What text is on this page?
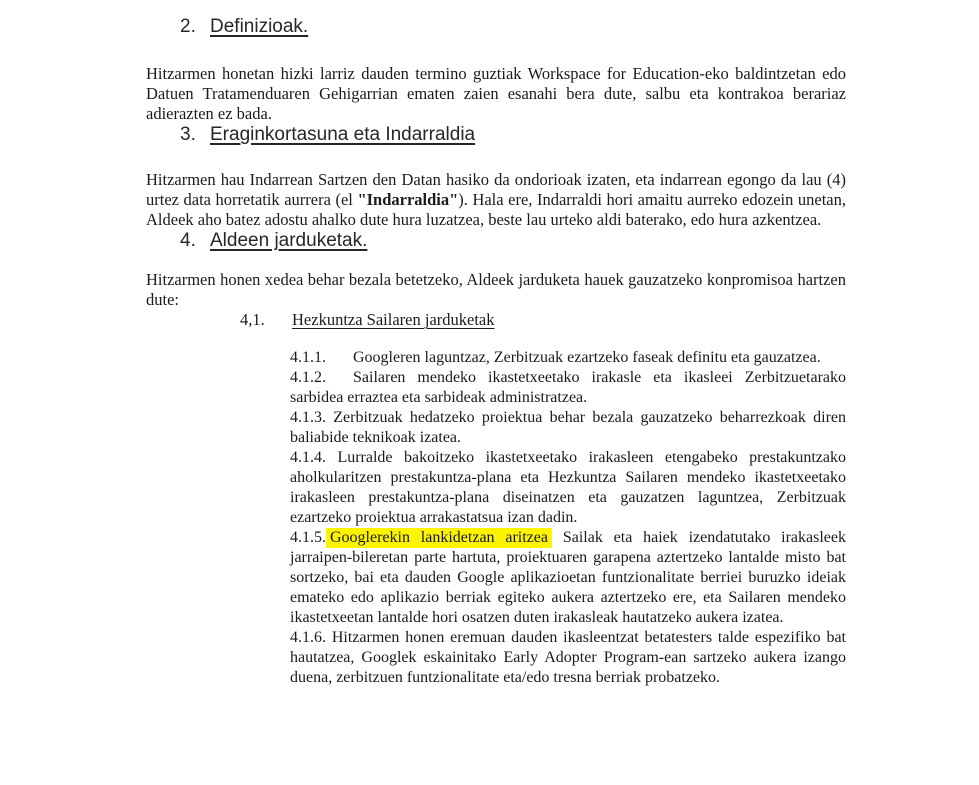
2. Definizioak.

Hitzarmen honetan hizki larriz dauden termino guztiak Workspace for Education-eko baldintzetan edo Datuen Tratamenduaren Gehigarrian ematen zaien esanahi bera dute, salbu eta kontrakoa berariaz adierazten ez bada.

3. Eraginkortasuna eta Indarraldia

Hitzarmen hau Indarrean Sartzen den Datan hasiko da ondorioak izaten, eta indarrean egongo da lau (4) urtez data horretatik aurrera (el "Indarraldia"). Hala ere, Indarraldi hori amaitu aurreko edozein unetan, Aldeek aho batez adostu ahalko dute hura luzatzea, beste lau urteko aldi baterako, edo hura azkentzea.

4. Aldeen jarduketak.

Hitzarmen honen xedea behar bezala betetzeko, Aldeek jarduketa hauek gauzatzeko konpromisoa hartzen dute:

4,1. Hezkuntza Sailaren jarduketak

4.1.1. Googleren laguntzaz, Zerbitzuak ezartzeko faseak definitu eta gauzatzea.

4.1.2. Sailaren mendeko ikastetxeetako irakasle eta ikasleei Zerbitzuetarako sarbidea erraztea eta sarbideak administratzea.

4.1.3. Zerbitzuak hedatzeko proiektua behar bezala gauzatzeko beharrezkoak diren baliabide teknikoak izatea.

4.1.4. Lurralde bakoitzeko ikastetxeetako irakasleen etengabeko prestakuntzako aholkularitzen prestakuntza-plana eta Hezkuntza Sailaren mendeko ikastetxeetako irakasleen prestakuntza-plana diseinatzen eta gauzatzen laguntzea, Zerbitzuak ezartzeko proiektua arrakastatsua izan dadin.

4.1.5. Googlerekin lankidetzan aritzea Sailak eta haiek izendatutako irakasleek jarraipen-bileretan parte hartuta, proiektuaren garapena aztertzeko lantalde misto bat sortzeko, bai eta dauden Google aplikazioetan funtzionalitate berriei buruzko ideiak emateko edo aplikazio berriak egiteko aukera aztertzeko ere, eta Sailaren mendeko ikastetxeetan lantalde hori osatzen duten irakasleak hautatzeko aukera izatea.

4.1.6. Hitzarmen honen eremuan dauden ikasleentzat betatesters talde espezifiko bat hautatzea, Googlek eskainitako Early Adopter Program-ean sartzeko aukera izango duena, zerbitzuen funtzionalitate eta/edo tresna berriak probatzeko.
